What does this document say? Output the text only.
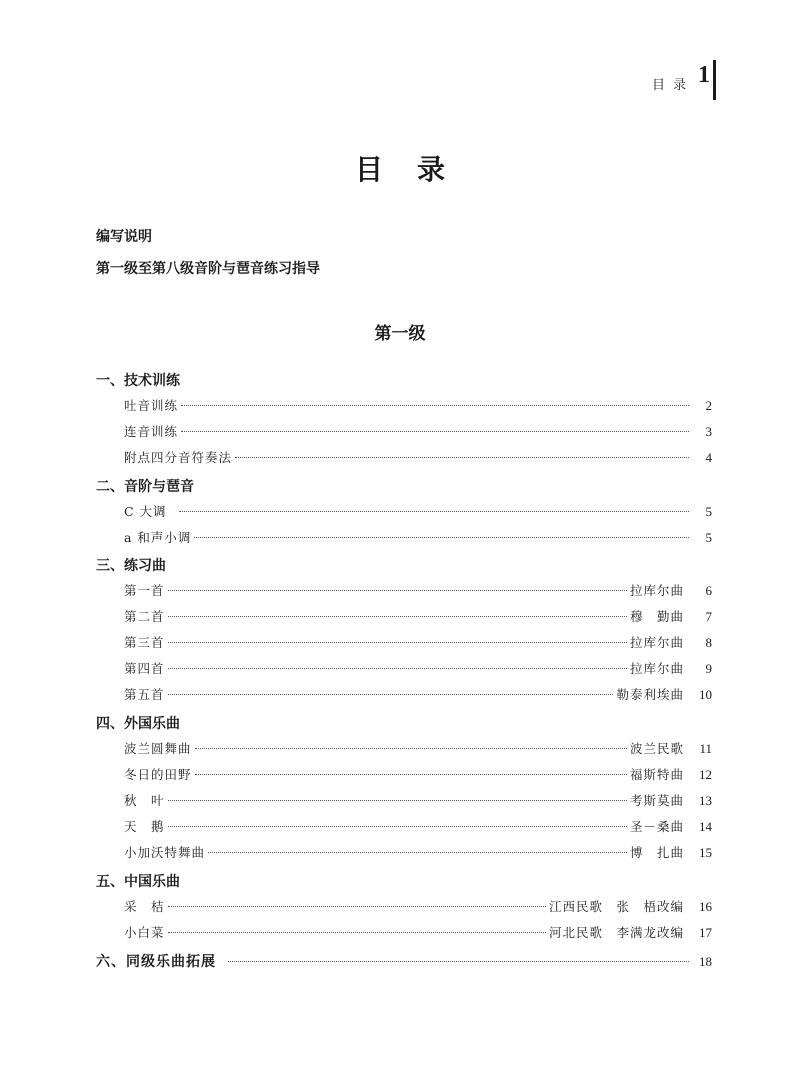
目 录 1
目录
编写说明
第一级至第八级音阶与琶音练习指导
第一级
一、技术训练
吐音训练	2
连音训练	3
附点四分音符奏法	4
二、音阶与琶音
C 大调	5
a 和声小调	5
三、练习曲
第一首	拉库尔曲	6
第二首	穆　勤曲	7
第三首	拉库尔曲	8
第四首	拉库尔曲	9
第五首	勒泰利埃曲	10
四、外国乐曲
波兰圆舞曲	波兰民歌	11
冬日的田野	福斯特曲	12
秋　叶	考斯莫曲	13
天　鹅	圣－桑曲	14
小加沃特舞曲	博　扎曲	15
五、中国乐曲
采　桔	江西民歌　张　梧改编	16
小白菜	河北民歌　李满龙改编	17
六、同级乐曲拓展	18
